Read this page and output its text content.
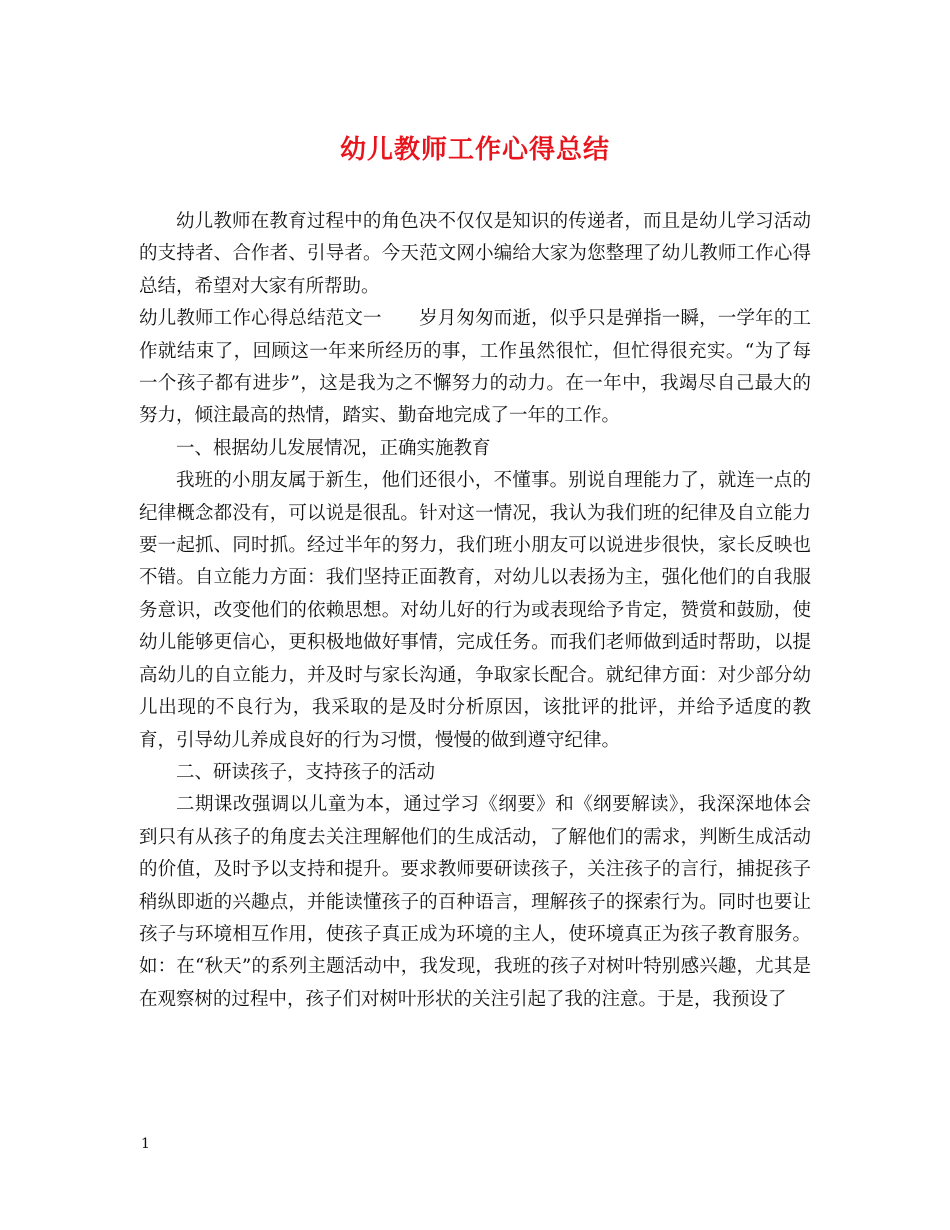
幼儿教师工作心得总结

幼儿教师在教育过程中的角色决不仅仅是知识的传递者，而且是幼儿学习活动的支持者、合作者、引导者。今天范文网小编给大家为您整理了幼儿教师工作心得总结，希望对大家有所帮助。

幼儿教师工作心得总结范文一　　岁月匆匆而逝，似乎只是弹指一瞬，一学年的工作就结束了，回顾这一年来所经历的事，工作虽然很忙，但忙得很充实。“为了每一个孩子都有进步”，这是我为之不懈努力的动力。在一年中，我竭尽自己最大的努力，倾注最高的热情，踏实、勤奋地完成了一年的工作。

一、根据幼儿发展情况，正确实施教育

我班的小朋友属于新生，他们还很小，不懂事。别说自理能力了，就连一点的纪律概念都没有，可以说是很乱。针对这一情况，我认为我们班的纪律及自立能力要一起抓、同时抓。经过半年的努力，我们班小朋友可以说进步很快，家长反映也不错。自立能力方面：我们坚持正面教育，对幼儿以表扬为主，强化他们的自我服务意识，改变他们的依赖思想。对幼儿好的行为或表现给予肯定，赞赏和鼓励，使幼儿能够更信心，更积极地做好事情，完成任务。而我们老师做到适时帮助，以提高幼儿的自立能力，并及时与家长沟通，争取家长配合。就纪律方面：对少部分幼儿出现的不良行为，我采取的是及时分析原因，该批评的批评，并给予适度的教育，引导幼儿养成良好的行为习惯，慢慢的做到遵守纪律。

二、研读孩子，支持孩子的活动

二期课改强调以儿童为本，通过学习《纲要》和《纲要解读》，我深深地体会到只有从孩子的角度去关注理解他们的生成活动，了解他们的需求，判断生成活动的价值，及时予以支持和提升。要求教师要研读孩子，关注孩子的言行，捕捉孩子稍纵即逝的兴趣点，并能读懂孩子的百种语言，理解孩子的探索行为。同时也要让孩子与环境相互作用，使孩子真正成为环境的主人，使环境真正为孩子教育服务。如：在“秋天”的系列主题活动中，我发现，我班的孩子对树叶特别感兴趣，尤其是在观察树的过程中，孩子们对树叶形状的关注引起了我的注意。于是，我预设了

1
